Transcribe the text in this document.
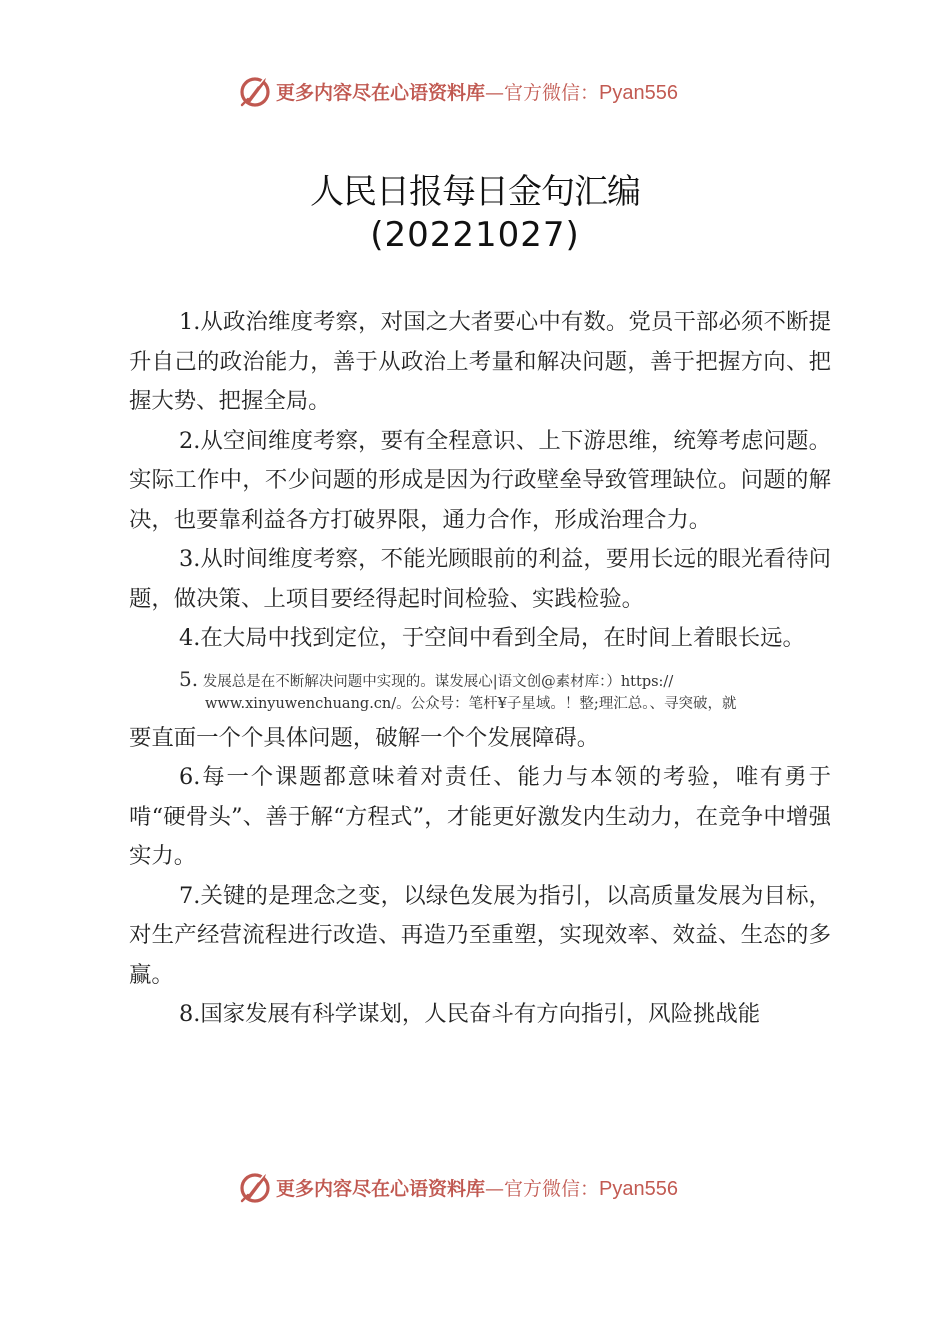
更多内容尽在心语资料库—官方微信：Pyan556
人民日报每日金句汇编
(20221027)

1.从政治维度考察，对国之大者要心中有数。党员干部必须不断提升自己的政治能力，善于从政治上考量和解决问题，善于把握方向、把握大势、把握全局。

2.从空间维度考察，要有全程意识、上下游思维，统筹考虑问题。实际工作中，不少问题的形成是因为行政壁垒导致管理缺位。问题的解决，也要靠利益各方打破界限，通力合作，形成治理合力。

3.从时间维度考察，不能光顾眼前的利益，要用长远的眼光看待问题，做决策、上项目要经得起时间检验、实践检验。

4.在大局中找到定位，于空间中看到全局，在时间上着眼长远。

5. 发展总是在不断解决问题中实现的。谋发展心|语文创@素材库：）https://
www.xinyuwenchuang.cn/。公众号：笔杆¥子星域。！整;理汇总。、寻突破，就

要直面一个个具体问题，破解一个个发展障碍。

6.每一个课题都意味着对责任、能力与本领的考验，唯有勇于啃“硬骨头”、善于解“方程式”，才能更好激发内生动力，在竞争中增强实力。

7.关键的是理念之变，以绿色发展为指引，以高质量发展为目标，对生产经营流程进行改造、再造乃至重塑，实现效率、效益、生态的多赢。

8.国家发展有科学谋划，人民奋斗有方向指引，风险挑战能

更多内容尽在心语资料库—官方微信：Pyan556
